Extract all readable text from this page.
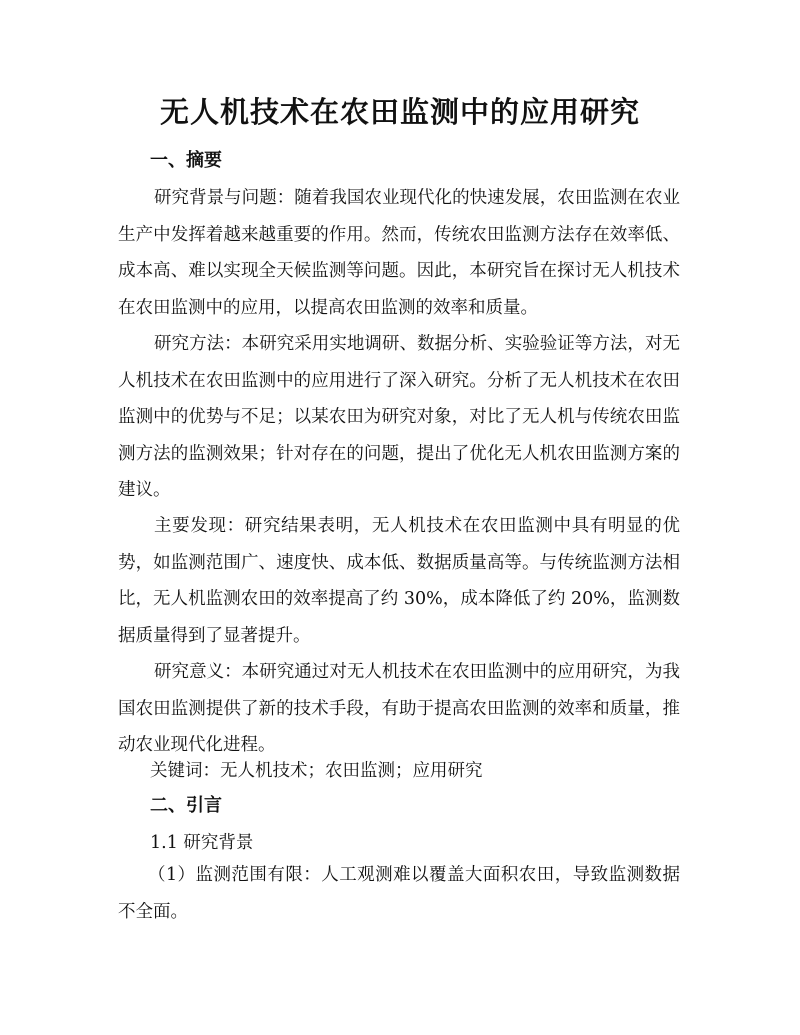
无人机技术在农田监测中的应用研究
一、摘要

研究背景与问题：随着我国农业现代化的快速发展，农田监测在农业生产中发挥着越来越重要的作用。然而，传统农田监测方法存在效率低、成本高、难以实现全天候监测等问题。因此，本研究旨在探讨无人机技术在农田监测中的应用，以提高农田监测的效率和质量。

研究方法：本研究采用实地调研、数据分析、实验验证等方法，对无人机技术在农田监测中的应用进行了深入研究。分析了无人机技术在农田监测中的优势与不足；以某农田为研究对象，对比了无人机与传统农田监测方法的监测效果；针对存在的问题，提出了优化无人机农田监测方案的建议。

主要发现：研究结果表明，无人机技术在农田监测中具有明显的优势，如监测范围广、速度快、成本低、数据质量高等。与传统监测方法相比，无人机监测农田的效率提高了约 30%，成本降低了约 20%，监测数据质量得到了显著提升。

研究意义：本研究通过对无人机技术在农田监测中的应用研究，为我国农田监测提供了新的技术手段，有助于提高农田监测的效率和质量，推动农业现代化进程。

关键词：无人机技术；农田监测；应用研究
二、引言
1.1 研究背景

（1）监测范围有限：人工观测难以覆盖大面积农田，导致监测数据不全面。
